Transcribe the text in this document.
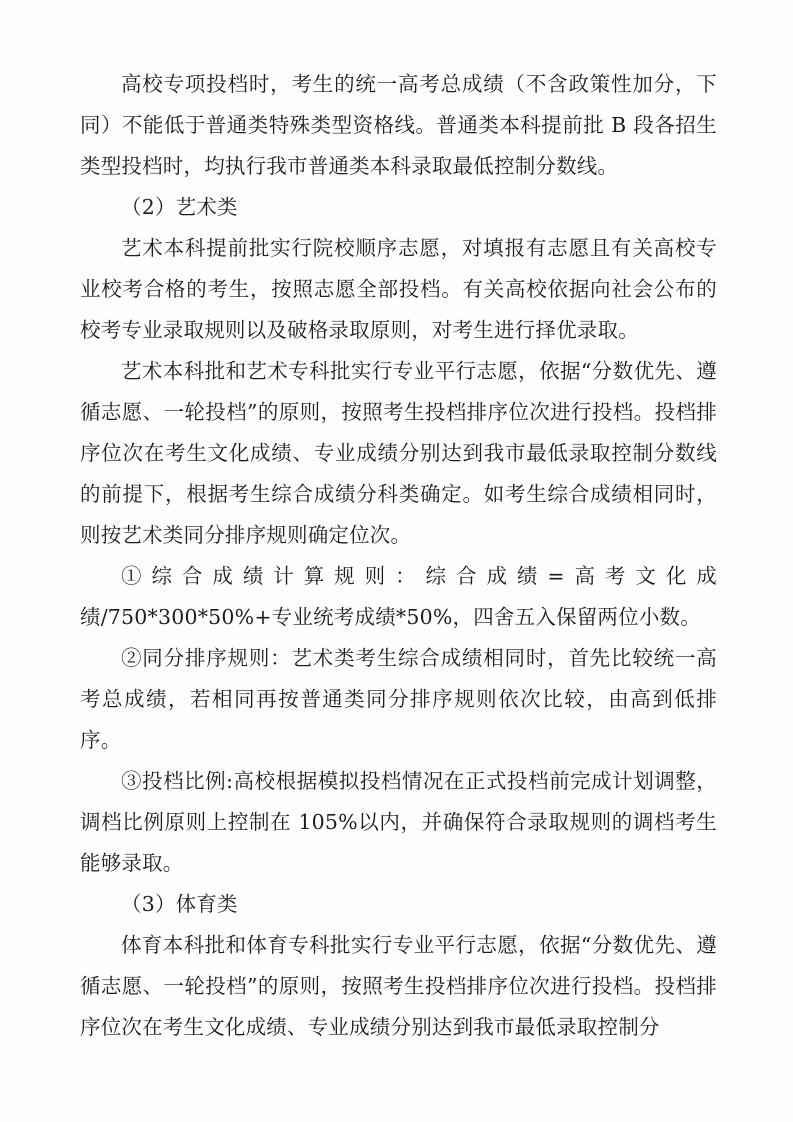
高校专项投档时，考生的统一高考总成绩（不含政策性加分，下同）不能低于普通类特殊类型资格线。普通类本科提前批 B 段各招生类型投档时，均执行我市普通类本科录取最低控制分数线。

（2）艺术类

艺术本科提前批实行院校顺序志愿，对填报有志愿且有关高校专业校考合格的考生，按照志愿全部投档。有关高校依据向社会公布的校考专业录取规则以及破格录取原则，对考生进行择优录取。

艺术本科批和艺术专科批实行专业平行志愿，依据“分数优先、遵循志愿、一轮投档”的原则，按照考生投档排序位次进行投档。投档排序位次在考生文化成绩、专业成绩分别达到我市最低录取控制分数线的前提下，根据考生综合成绩分科类确定。如考生综合成绩相同时，则按艺术类同分排序规则确定位次。

①综合成绩计算规则：综合成绩=高考文化成绩/750*300*50%+专业统考成绩*50%，四舍五入保留两位小数。

②同分排序规则：艺术类考生综合成绩相同时，首先比较统一高考总成绩，若相同再按普通类同分排序规则依次比较，由高到低排序。

③投档比例:高校根据模拟投档情况在正式投档前完成计划调整，调档比例原则上控制在 105%以内，并确保符合录取规则的调档考生能够录取。

（3）体育类

体育本科批和体育专科批实行专业平行志愿，依据“分数优先、遵循志愿、一轮投档”的原则，按照考生投档排序位次进行投档。投档排序位次在考生文化成绩、专业成绩分别达到我市最低录取控制分
